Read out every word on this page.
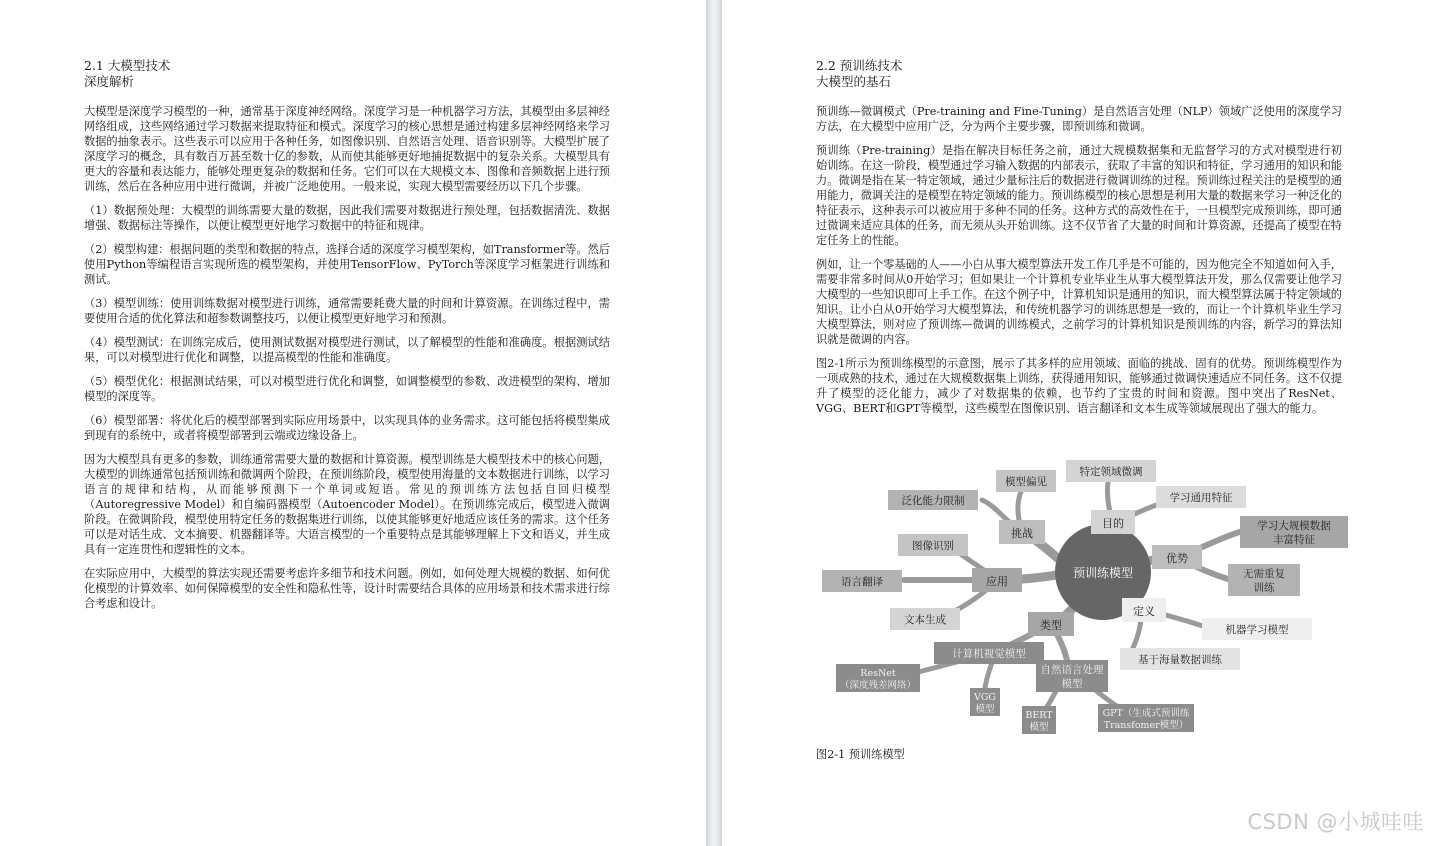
2.1 大模型技术

深度解析

大模型是深度学习模型的一种，通常基于深度神经网络。深度学习是一种机器学习方法，其模型由多层神经网络组成，这些网络通过学习数据来提取特征和模式。深度学习的核心思想是通过构建多层神经网络来学习数据的抽象表示。这些表示可以应用于各种任务，如图像识别、自然语言处理、语音识别等。大模型扩展了深度学习的概念，具有数百万甚至数十亿的参数，从而使其能够更好地捕捉数据中的复杂关系。大模型具有更大的容量和表达能力，能够处理更复杂的数据和任务。它们可以在大规模文本、图像和音频数据上进行预训练，然后在各种应用中进行微调，并被广泛地使用。一般来说，实现大模型需要经历以下几个步骤。

（1）数据预处理：大模型的训练需要大量的数据，因此我们需要对数据进行预处理，包括数据清洗、数据增强、数据标注等操作，以便让模型更好地学习数据中的特征和规律。

（2）模型构建：根据问题的类型和数据的特点，选择合适的深度学习模型架构，如Transformer等。然后使用Python等编程语言实现所选的模型架构，并使用TensorFlow、PyTorch等深度学习框架进行训练和测试。

（3）模型训练：使用训练数据对模型进行训练，通常需要耗费大量的时间和计算资源。在训练过程中，需要使用合适的优化算法和超参数调整技巧，以便让模型更好地学习和预测。

（4）模型测试：在训练完成后，使用测试数据对模型进行测试，以了解模型的性能和准确度。根据测试结果，可以对模型进行优化和调整，以提高模型的性能和准确度。

（5）模型优化：根据测试结果，可以对模型进行优化和调整，如调整模型的参数、改进模型的架构、增加模型的深度等。

（6）模型部署：将优化后的模型部署到实际应用场景中，以实现具体的业务需求。这可能包括将模型集成到现有的系统中，或者将模型部署到云端或边缘设备上。

因为大模型具有更多的参数，训练通常需要大量的数据和计算资源。模型训练是大模型技术中的核心问题，大模型的训练通常包括预训练和微调两个阶段，在预训练阶段，模型使用海量的文本数据进行训练，以学习语言的规律和结构，从而能够预测下一个单词或短语。常见的预训练方法包括自回归模型（Autoregressive Model）和自编码器模型（Autoencoder Model）。在预训练完成后，模型进入微调阶段。在微调阶段，模型使用特定任务的数据集进行训练，以使其能够更好地适应该任务的需求。这个任务可以是对话生成、文本摘要、机器翻译等。大语言模型的一个重要特点是其能够理解上下文和语义，并生成具有一定连贯性和逻辑性的文本。

在实际应用中，大模型的算法实现还需要考虑许多细节和技术问题。例如，如何处理大规模的数据、如何优化模型的计算效率、如何保障模型的安全性和隐私性等，设计时需要结合具体的应用场景和技术需求进行综合考虑和设计。

2.2 预训练技术

大模型的基石

预训练—微调模式（Pre-training and Fine-Tuning）是自然语言处理（NLP）领域广泛使用的深度学习方法，在大模型中应用广泛，分为两个主要步骤，即预训练和微调。

预训练（Pre-training）是指在解决目标任务之前，通过大规模数据集和无监督学习的方式对模型进行初始训练。在这一阶段，模型通过学习输入数据的内部表示，获取了丰富的知识和特征，学习通用的知识和能力。微调是指在某一特定领域，通过少量标注后的数据进行微调训练的过程。预训练过程关注的是模型的通用能力，微调关注的是模型在特定领域的能力。预训练模型的核心思想是利用大量的数据来学习一种泛化的特征表示，这种表示可以被应用于多种不同的任务。这种方式的高效性在于，一旦模型完成预训练，即可通过微调来适应具体的任务，而无须从头开始训练。这不仅节省了大量的时间和计算资源，还提高了模型在特定任务上的性能。

例如，让一个零基础的人——小白从事大模型算法开发工作几乎是不可能的，因为他完全不知道如何入手，需要非常多时间从0开始学习；但如果让一个计算机专业毕业生从事大模型算法开发，那么仅需要让他学习大模型的一些知识即可上手工作。在这个例子中，计算机知识是通用的知识，而大模型算法属于特定领域的知识。让小白从0开始学习大模型算法，和传统机器学习的训练思想是一致的，而让一个计算机毕业生学习大模型算法，则对应了预训练—微调的训练模式，之前学习的计算机知识是预训练的内容，新学习的算法知识就是微调的内容。

图2-1所示为预训练模型的示意图，展示了其多样的应用领域、面临的挑战、固有的优势。预训练模型作为一项成熟的技术，通过在大规模数据集上训练，获得通用知识，能够通过微调快速适应不同任务。这不仅提升了模型的泛化能力，减少了对数据集的依赖，也节约了宝贵的时间和资源。图中突出了ResNet、VGG、BERT和GPT等模型，这些模型在图像识别、语言翻译和文本生成等领域展现出了强大的能力。

预训练模型
挑战
目的
优势
定义
类型
应用
泛化能力限制
模型偏见
特定领域微调
学习通用特征
学习大规模数据
丰富特征
无需重复
训练
机器学习模型
基于海量数据训练
图像识别
语言翻译
文本生成
计算机视觉模型
自然语言处理
模型
ResNet
（深度残差网络）
VGG
模型
BERT
模型
GPT（生成式预训练
Transfomer模型）
图2-1 预训练模型
CSDN @小城哇哇
